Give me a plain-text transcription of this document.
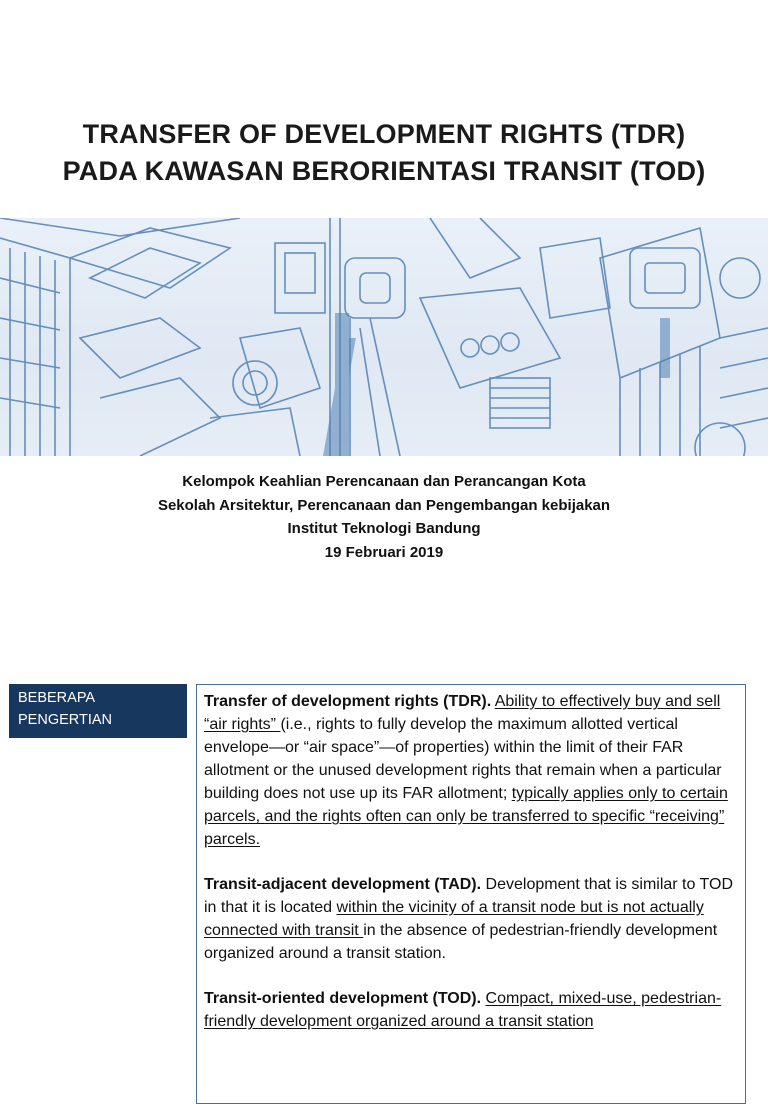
TRANSFER OF DEVELOPMENT RIGHTS (TDR)
PADA KAWASAN BERORIENTASI TRANSIT (TOD)
Kelompok Keahlian Perencanaan dan Perancangan Kota
Sekolah Arsitektur, Perencanaan dan Pengembangan kebijakan
Institut Teknologi Bandung
19 Februari 2019
BEBERAPA PENGERTIAN

Transfer of development rights (TDR). Ability to effectively buy and sell “air rights” (i.e., rights to fully develop the maximum allotted vertical envelope—or “air space”—of properties) within the limit of their FAR allotment or the unused development rights that remain when a particular building does not use up its FAR allotment; typically applies only to certain parcels, and the rights often can only be transferred to specific “receiving” parcels.

Transit-adjacent development (TAD). Development that is similar to TOD in that it is located within the vicinity of a transit node but is not actually connected with transit in the absence of pedestrian-friendly development organized around a transit station.

Transit-oriented development (TOD). Compact, mixed-use, pedestrian-friendly development organized around a transit station
